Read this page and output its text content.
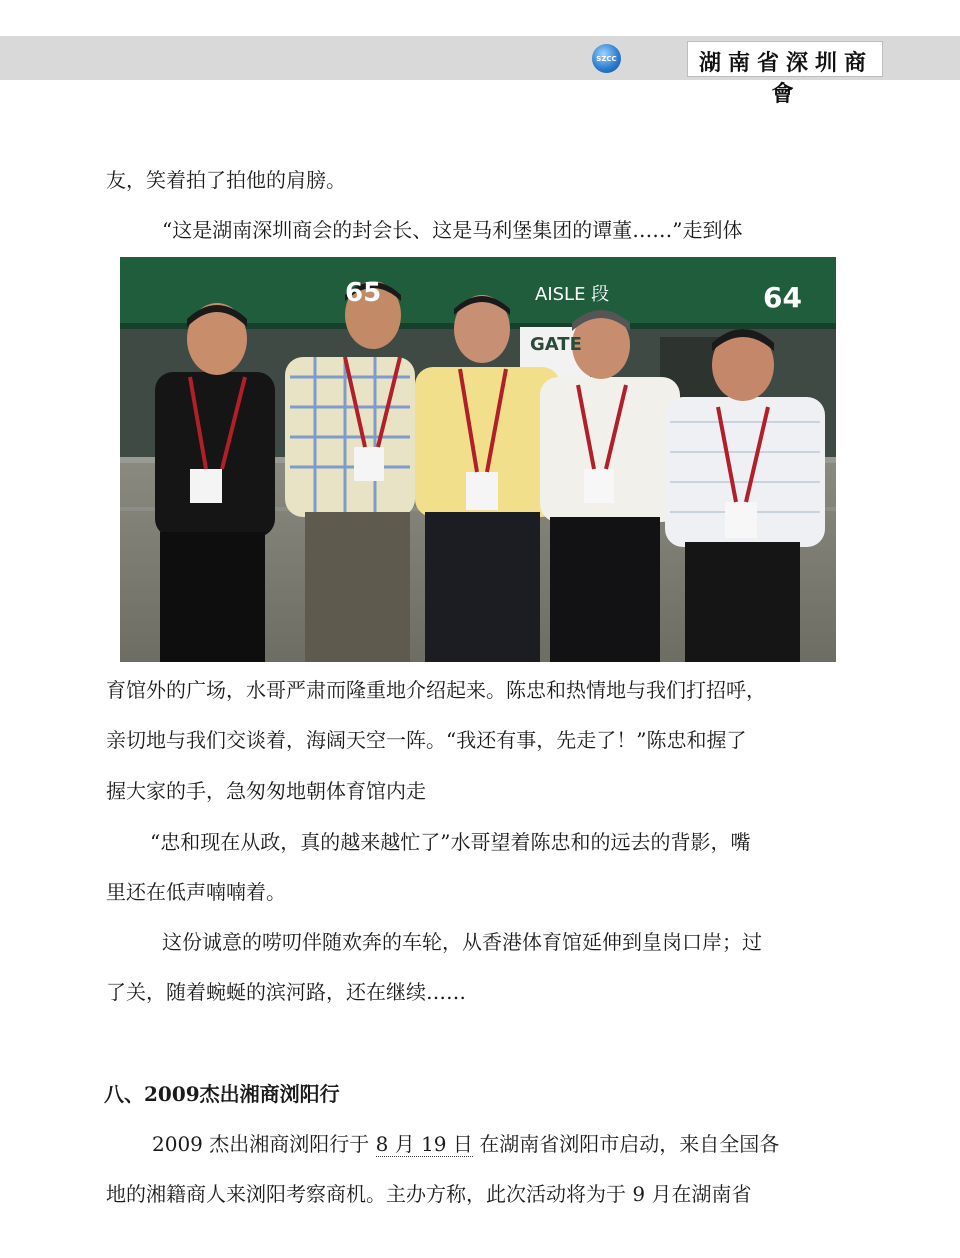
SZCC	湖南省深圳商會
友，笑着拍了拍他的肩膀。
“这是湖南深圳商会的封会长、这是马利堡集团的谭董……”走到体
65	AISLE 段	64
GATE
育馆外的广场，水哥严肃而隆重地介绍起来。陈忠和热情地与我们打招呼，
亲切地与我们交谈着，海阔天空一阵。“我还有事，先走了！”陈忠和握了
握大家的手，急匆匆地朝体育馆内走
“忠和现在从政，真的越来越忙了”水哥望着陈忠和的远去的背影，嘴
里还在低声喃喃着。
这份诚意的唠叨伴随欢奔的车轮，从香港体育馆延伸到皇岗口岸；过
了关，随着蜿蜒的滨河路，还在继续……
八、2009杰出湘商浏阳行
2009 杰出湘商浏阳行于 8 月 19 日 在湖南省浏阳市启动，来自全国各
地的湘籍商人来浏阳考察商机。主办方称，此次活动将为于 9 月在湖南省
